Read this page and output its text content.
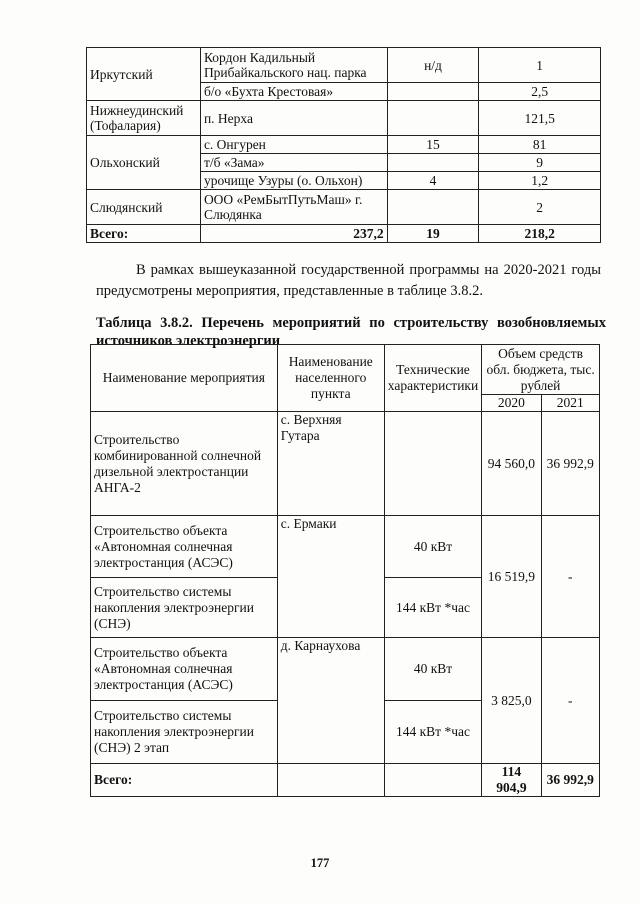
Иркутский	Кордон Кадильный Прибайкальского нац. парка	н/д	1
	б/о «Бухта Крестовая»		2,5
Нижнеудинский (Тофалария)	п. Нерха		121,5
Ольхонский	с. Онгурен	15	81
	т/б «Зама»		9
	урочище Узуры (о. Ольхон)	4	1,2
Слюдянский	ООО «РемБытПутьМаш» г. Слюдянка		2
Всего:	237,2	19	218,2

В рамках вышеуказанной государственной программы на 2020-2021 годы предусмотрены мероприятия, представленные в таблице 3.8.2.

Таблица 3.8.2. Перечень мероприятий по строительству возобновляемых источников электроэнергии

Наименование мероприятия	Наименование населенного пункта	Технические характеристики	Объем средств обл. бюджета, тыс. рублей	
			2020	2021
Строительство комбинированной солнечной дизельной электростанции АНГА-2	с. Верхняя Гутара		94 560,0	36 992,9
Строительство объекта «Автономная солнечная электростанция (АСЭС)	с. Ермаки	40 кВт	16 519,9	-
Строительство системы накопления электроэнергии (СНЭ)		144 кВт *час		
Строительство объекта «Автономная солнечная электростанция (АСЭС)	д. Карнаухова	40 кВт	3 825,0	-
Строительство системы накопления электроэнергии (СНЭ) 2 этап		144 кВт *час		
Всего:			114 904,9	36 992,9
177
